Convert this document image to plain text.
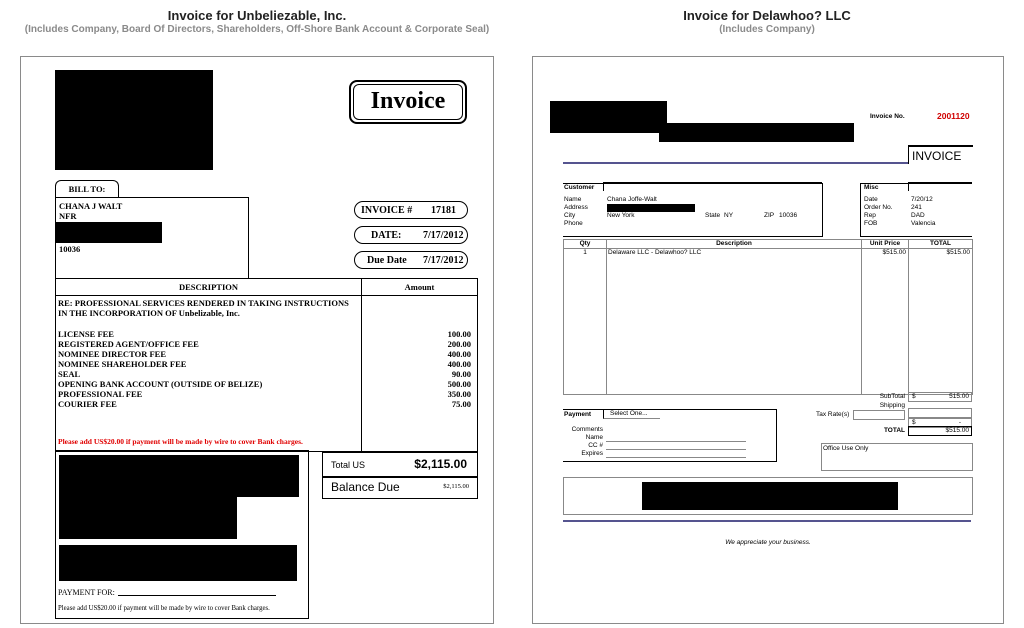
Invoice for Unbeliezable, Inc.
(Includes Company, Board Of Directors, Shareholders, Off-Shore Bank Account & Corporate Seal)
Invoice for Delawhoo? LLC
(Includes Company)
Invoice
BILL TO:
CHANA J WALT
NFR
10036
INVOICE # 17181
DATE: 7/17/2012
Due Date 7/17/2012
DESCRIPTION	Amount
RE: PROFESSIONAL SERVICES RENDERED IN TAKING INSTRUCTIONS
IN THE INCORPORATION OF Unbelizable, Inc.
LICENSE FEE	100.00
REGISTERED AGENT/OFFICE FEE	200.00
NOMINEE DIRECTOR FEE	400.00
NOMINEE SHAREHOLDER FEE	400.00
SEAL	90.00
OPENING BANK ACCOUNT (OUTSIDE OF BELIZE)	500.00
PROFESSIONAL FEE	350.00
COURIER FEE	75.00
Please add US$20.00 if payment will be made by wire to cover Bank charges.
PAYMENT FOR:
Please add US$20.00 if payment will be made by wire to cover Bank charges.
Total US	$2,115.00
Balance Due	$2,115.00
Invoice No.	2001120
INVOICE
Customer
Name	Chana Joffe-Walt
Address
City	New York	State NY	ZIP 10036
Phone
Misc
Date	7/20/12
Order No.	241
Rep	DAD
FOB	Valencia
Qty	Description	Unit Price	TOTAL
1	Delaware LLC - Delawhoo? LLC	$515.00	$515.00
SubTotal $	515.00
Shipping
Tax Rate(s)
$	-
TOTAL	$515.00
Payment	Select One...
Comments
Name
CC #
Expires
Office Use Only
We appreciate your business.
